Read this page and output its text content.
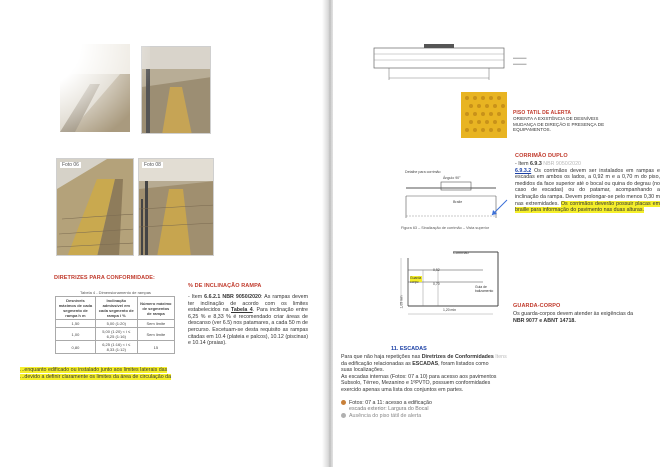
Foto 06	Foto 08
DIRETRIZES PARA CONFORMIDADE:
Tabela 4 - Dimensionamento de rampas
Desníveis máximos de cada segmento de rampa h m	Inclinação admissível em cada segmento de rampa i %	Número máximo de segmentos de rampa
1,50	5,00 (1:20)	Sem limite
1,00	5,00 (1:20) < i ≤ 6,25 (1:16)	Sem limite
0,80	6,25 (1:16) < i ≤ 8,33 (1:12)	15
% DE INCLINAÇÃO RAMPA
- Item 6.6.2.1 NBR 9050/2020: As rampas devem ter inclinação de acordo com os limites estabelecidos na Tabela 4. Para inclinação entre 6,25 % e 8,33 % é recomendado criar áreas de descanso (ver 6.5) nos patamares, a cada 50 m de percurso. Excetuam-se desta requisito as rampas citadas em 10.4 (plateia e palcos), 10.12 (piscinas) e 10.14 (praias).
...enquanto edificado ou instalado junto aos limites laterais das
...devido a definir claramente os limites da área de circulação da
▬▬▬
▬▬▬
PISO TATIL DE ALERTA
ORIENTA A EXISTÊNCIA DE DESNÍVEIS
MUDANÇA DE DIREÇÃO E PRESENÇA DE
EQUIPAMENTOS.
Detalhe para corrimão
Ângulo 90°
Braile
Figura 63 – Sinalização de corrimão – Vista superior
CORRIMÃO DUPLO
- Item 6.9.3 NBR 9050/2020
6.9.3.2 Os corrimãos devem ser instalados em rampas e escadas em ambos os lados, a 0,92 m e a 0,70 m do piso, medidos da face superior até o bocal ou quina do degrau (no caso de escadas) ou do patamar, acompanhando a inclinação da rampa. Devem prolongar-se pelo menos 0,30 m nas extremidades. Os corrimãos deverão possuir placas em braille para informação do pavimento nas duas alturas.
Corrimão
Guarda corpo
Guia de balizamento
0,92
0,70
1,05 min
1,20 min
GUARDA-CORPO
Os guarda-corpos devem atender às exigências da
NBR 9077 e ABNT 14718.
11. ESCADAS
Para que não haja repetições nas Diretrizes de Conformidades Itens
da edificação relacionadas as ESCADAS, foram listados como
suas localizações.
As escadas internas (Fotos: 07 a 10) para acesso aos pavimentos
Subsolo, Térreo, Mezanino e 1ºPVTO, possuem conformidades
exercido apenas uma lista dos conjuntos em partes.
Fotos: 07 a 11: acesso a edificação
escada exterior: Largura do Bocal
Ausência do piso tátil de alerta
